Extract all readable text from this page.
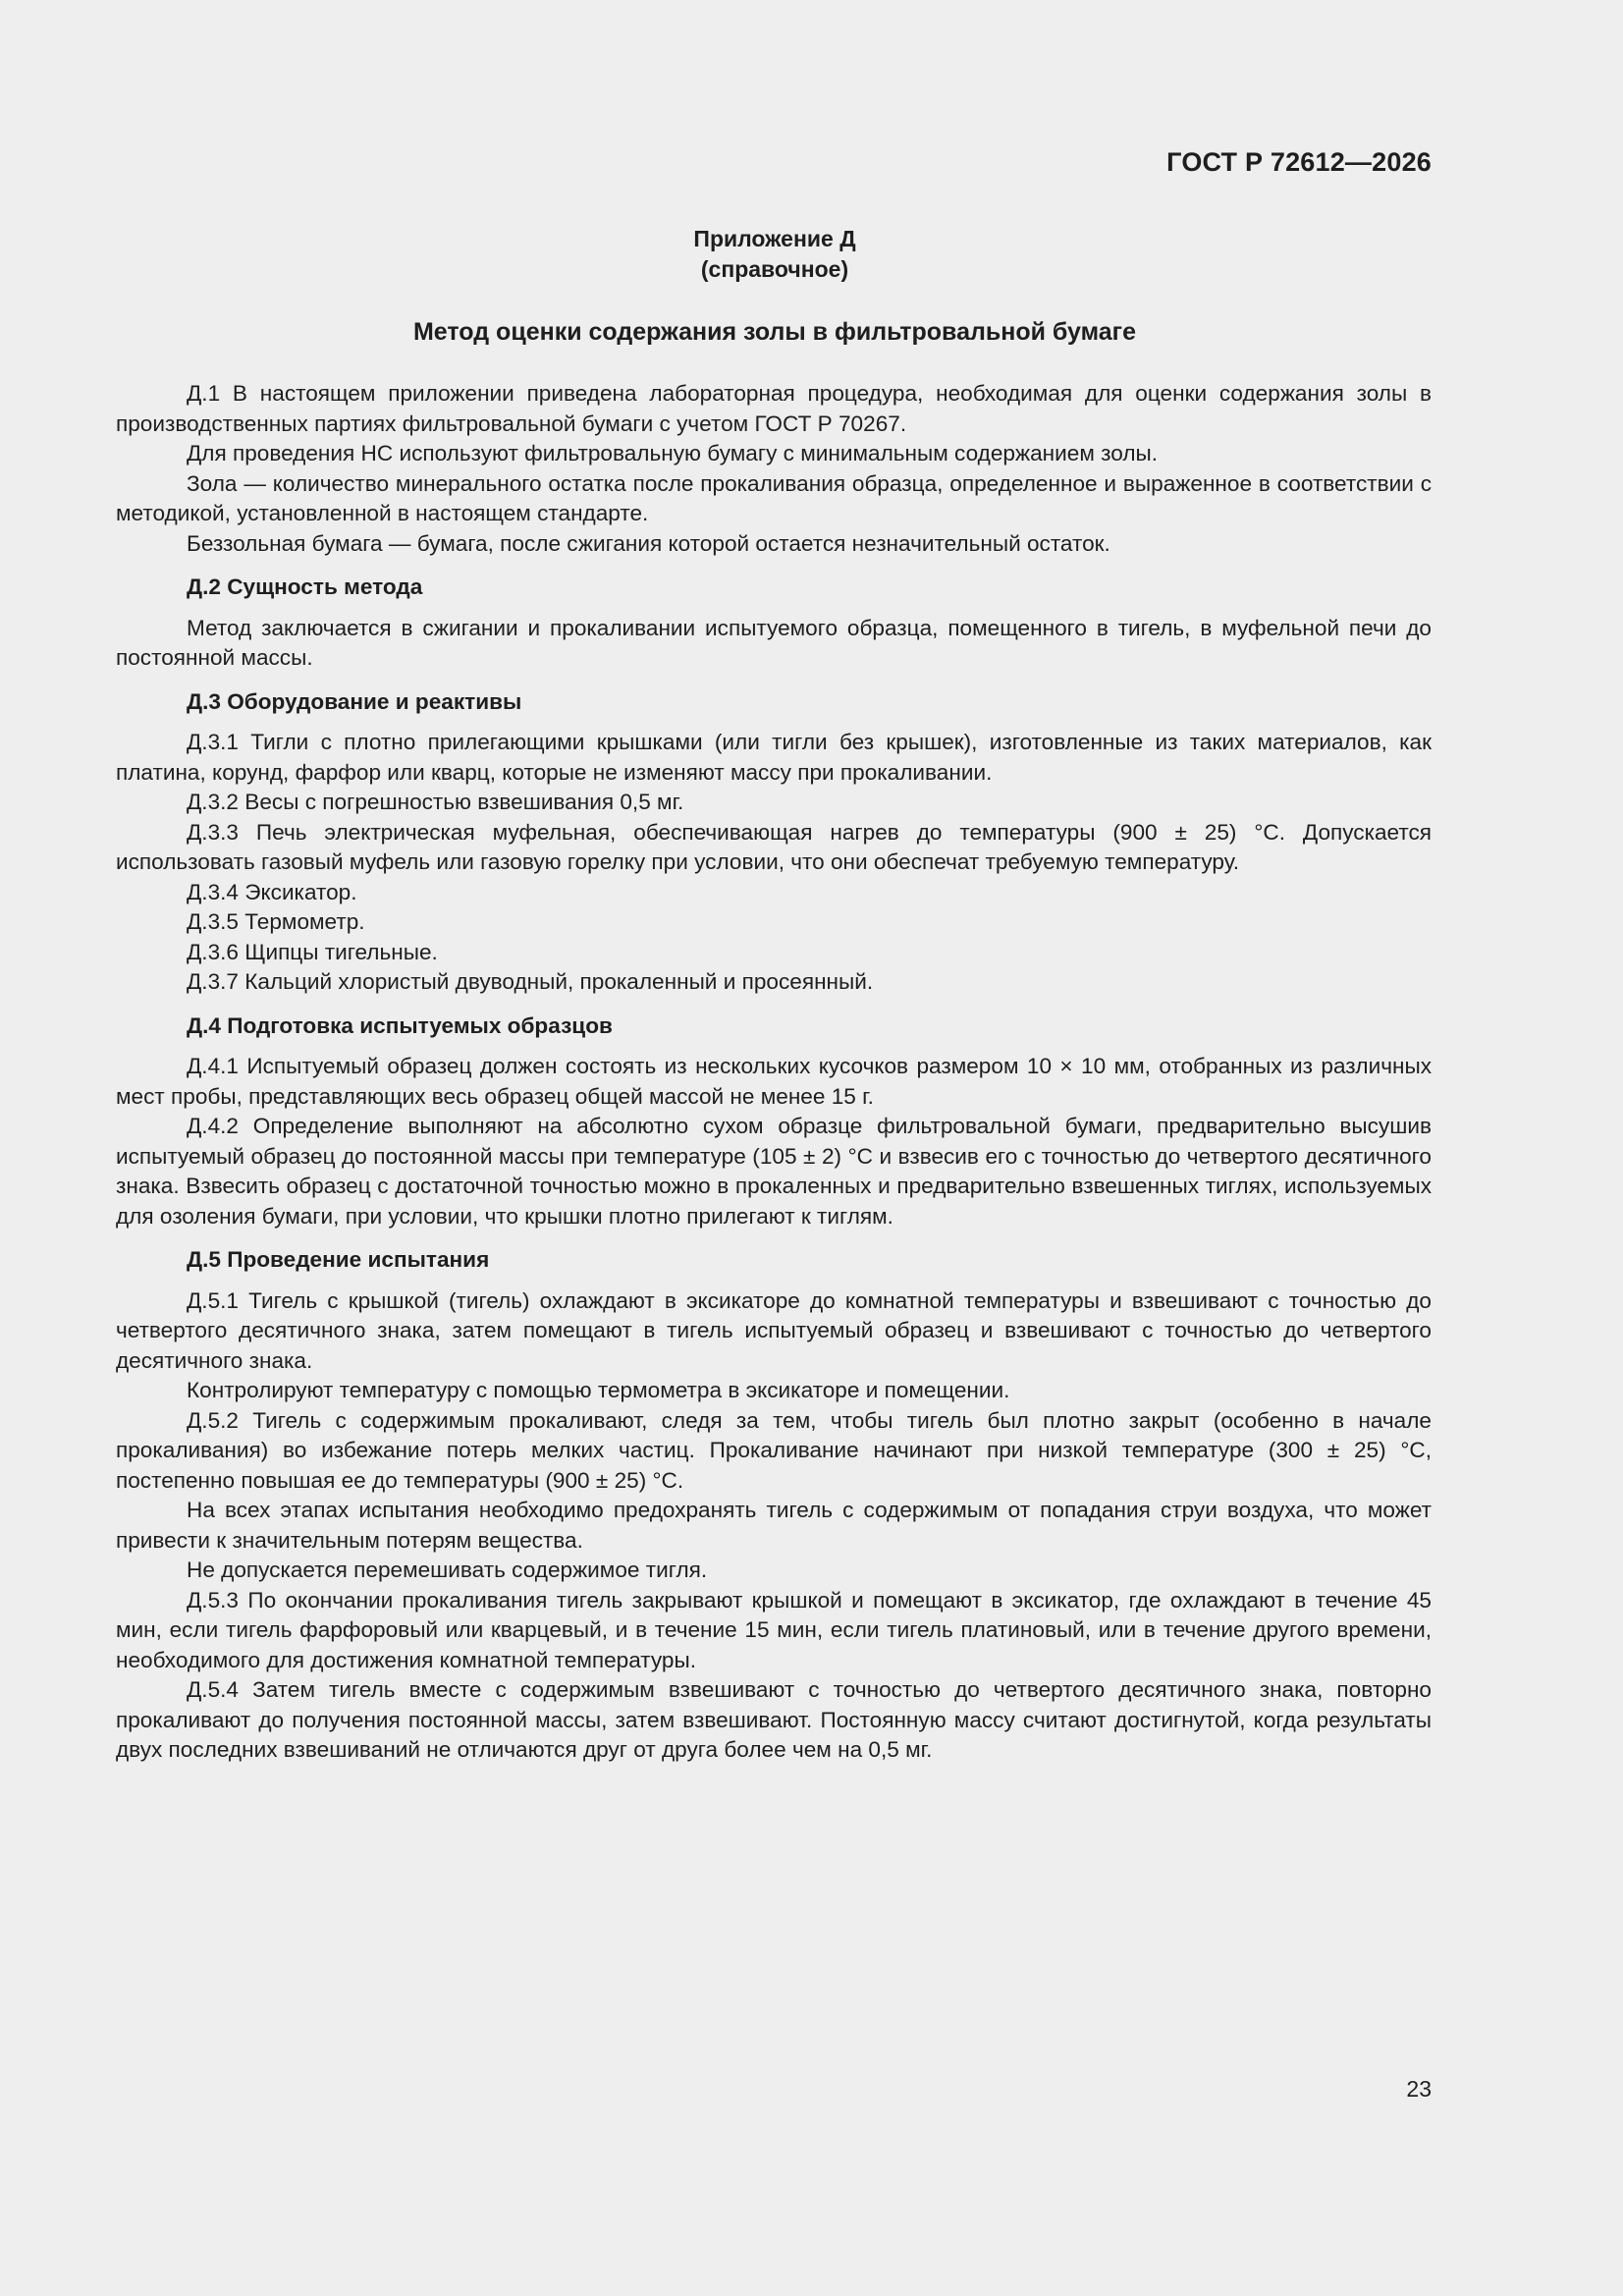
ГОСТ Р 72612—2026
Приложение Д
(справочное)
Метод оценки содержания золы в фильтровальной бумаге

Д.1 В настоящем приложении приведена лабораторная процедура, необходимая для оценки содержания золы в производственных партиях фильтровальной бумаги с учетом ГОСТ Р 70267.

Для проведения НС используют фильтровальную бумагу с минимальным содержанием золы.

Зола — количество минерального остатка после прокаливания образца, определенное и выраженное в соответствии с методикой, установленной в настоящем стандарте.

Беззольная бумага — бумага, после сжигания которой остается незначительный остаток.

Д.2 Сущность метода

Метод заключается в сжигании и прокаливании испытуемого образца, помещенного в тигель, в муфельной печи до постоянной массы.

Д.3 Оборудование и реактивы

Д.3.1 Тигли с плотно прилегающими крышками (или тигли без крышек), изготовленные из таких материалов, как платина, корунд, фарфор или кварц, которые не изменяют массу при прокаливании.

Д.3.2 Весы с погрешностью взвешивания 0,5 мг.

Д.3.3 Печь электрическая муфельная, обеспечивающая нагрев до температуры (900 ± 25) °С. Допускается использовать газовый муфель или газовую горелку при условии, что они обеспечат требуемую температуру.

Д.3.4 Эксикатор.

Д.3.5 Термометр.

Д.3.6 Щипцы тигельные.

Д.3.7 Кальций хлористый двуводный, прокаленный и просеянный.

Д.4 Подготовка испытуемых образцов

Д.4.1 Испытуемый образец должен состоять из нескольких кусочков размером 10 × 10 мм, отобранных из различных мест пробы, представляющих весь образец общей массой не менее 15 г.

Д.4.2 Определение выполняют на абсолютно сухом образце фильтровальной бумаги, предварительно высушив испытуемый образец до постоянной массы при температуре (105 ± 2) °С и взвесив его с точностью до четвертого десятичного знака. Взвесить образец с достаточной точностью можно в прокаленных и предварительно взвешенных тиглях, используемых для озоления бумаги, при условии, что крышки плотно прилегают к тиглям.

Д.5 Проведение испытания

Д.5.1 Тигель с крышкой (тигель) охлаждают в эксикаторе до комнатной температуры и взвешивают с точностью до четвертого десятичного знака, затем помещают в тигель испытуемый образец и взвешивают с точностью до четвертого десятичного знака.

Контролируют температуру с помощью термометра в эксикаторе и помещении.

Д.5.2 Тигель с содержимым прокаливают, следя за тем, чтобы тигель был плотно закрыт (особенно в начале прокаливания) во избежание потерь мелких частиц. Прокаливание начинают при низкой температуре (300 ± 25) °С, постепенно повышая ее до температуры (900 ± 25) °С.

На всех этапах испытания необходимо предохранять тигель с содержимым от попадания струи воздуха, что может привести к значительным потерям вещества.

Не допускается перемешивать содержимое тигля.

Д.5.3 По окончании прокаливания тигель закрывают крышкой и помещают в эксикатор, где охлаждают в течение 45 мин, если тигель фарфоровый или кварцевый, и в течение 15 мин, если тигель платиновый, или в течение другого времени, необходимого для достижения комнатной температуры.

Д.5.4 Затем тигель вместе с содержимым взвешивают с точностью до четвертого десятичного знака, повторно прокаливают до получения постоянной массы, затем взвешивают. Постоянную массу считают достигнутой, когда результаты двух последних взвешиваний не отличаются друг от друга более чем на 0,5 мг.

23
